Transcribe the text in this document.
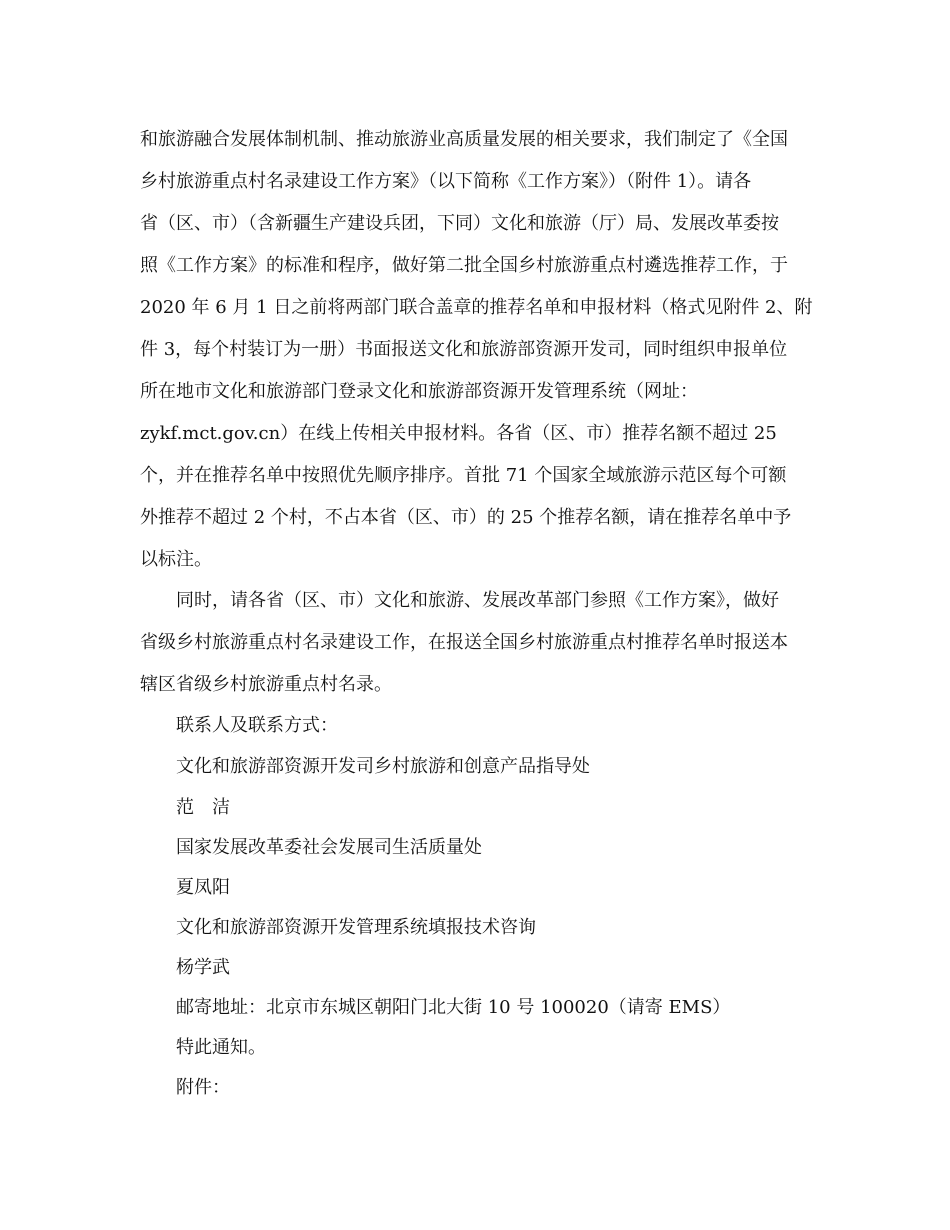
和旅游融合发展体制机制、推动旅游业高质量发展的相关要求，我们制定了《全国
乡村旅游重点村名录建设工作方案》（以下简称《工作方案》）（附件 1）。请各
省（区、市）（含新疆生产建设兵团，下同）文化和旅游（厅）局、发展改革委按
照《工作方案》的标准和程序，做好第二批全国乡村旅游重点村遴选推荐工作，于
2020 年 6 月 1 日之前将两部门联合盖章的推荐名单和申报材料（格式见附件 2、附
件 3，每个村装订为一册）书面报送文化和旅游部资源开发司，同时组织申报单位
所在地市文化和旅游部门登录文化和旅游部资源开发管理系统（网址：
zykf.mct.gov.cn）在线上传相关申报材料。各省（区、市）推荐名额不超过 25
个，并在推荐名单中按照优先顺序排序。首批 71 个国家全域旅游示范区每个可额
外推荐不超过 2 个村，不占本省（区、市）的 25 个推荐名额，请在推荐名单中予
以标注。
同时，请各省（区、市）文化和旅游、发展改革部门参照《工作方案》，做好
省级乡村旅游重点村名录建设工作，在报送全国乡村旅游重点村推荐名单时报送本
辖区省级乡村旅游重点村名录。
联系人及联系方式：
文化和旅游部资源开发司乡村旅游和创意产品指导处
范　洁
国家发展改革委社会发展司生活质量处
夏凤阳
文化和旅游部资源开发管理系统填报技术咨询
杨学武
邮寄地址：北京市东城区朝阳门北大街 10 号 100020（请寄 EMS）
特此通知。
附件：
